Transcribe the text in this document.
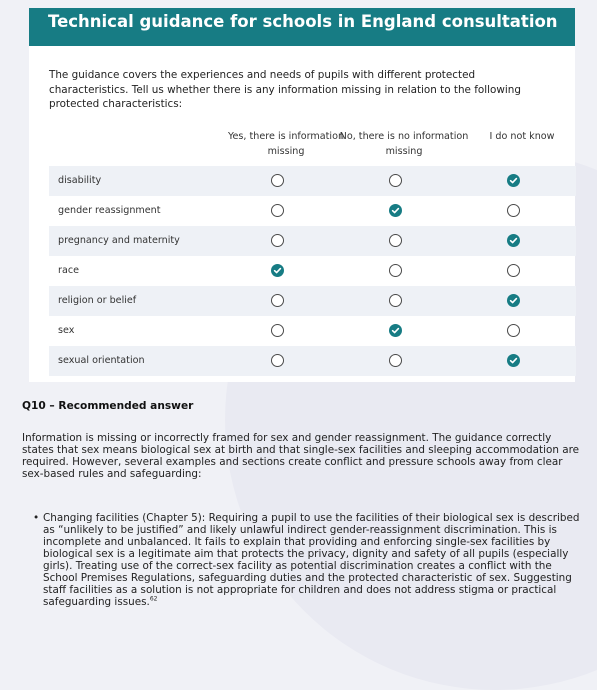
Technical guidance for schools in England consultation
The guidance covers the experiences and needs of pupils with different protected characteristics. Tell us whether there is any information missing in relation to the following protected characteristics:
Yes, there is information missing
No, there is no information missing
I do not know
disability
gender reassignment
pregnancy and maternity
race
religion or belief
sex
sexual orientation
Q10 – Recommended answer

Information is missing or incorrectly framed for sex and gender reassignment. The guidance correctly states that sex means biological sex at birth and that single-sex facilities and sleeping accommodation are required. However, several examples and sections create conflict and pressure schools away from clear sex-based rules and safeguarding:

• Changing facilities (Chapter 5): Requiring a pupil to use the facilities of their biological sex is described as “unlikely to be justified” and likely unlawful indirect gender-reassignment discrimination. This is incomplete and unbalanced. It fails to explain that providing and enforcing single-sex facilities by biological sex is a legitimate aim that protects the privacy, dignity and safety of all pupils (especially girls). Treating use of the correct-sex facility as potential discrimination creates a conflict with the School Premises Regulations, safeguarding duties and the protected characteristic of sex. Suggesting staff facilities as a solution is not appropriate for children and does not address stigma or practical safeguarding issues.$^{62}$
